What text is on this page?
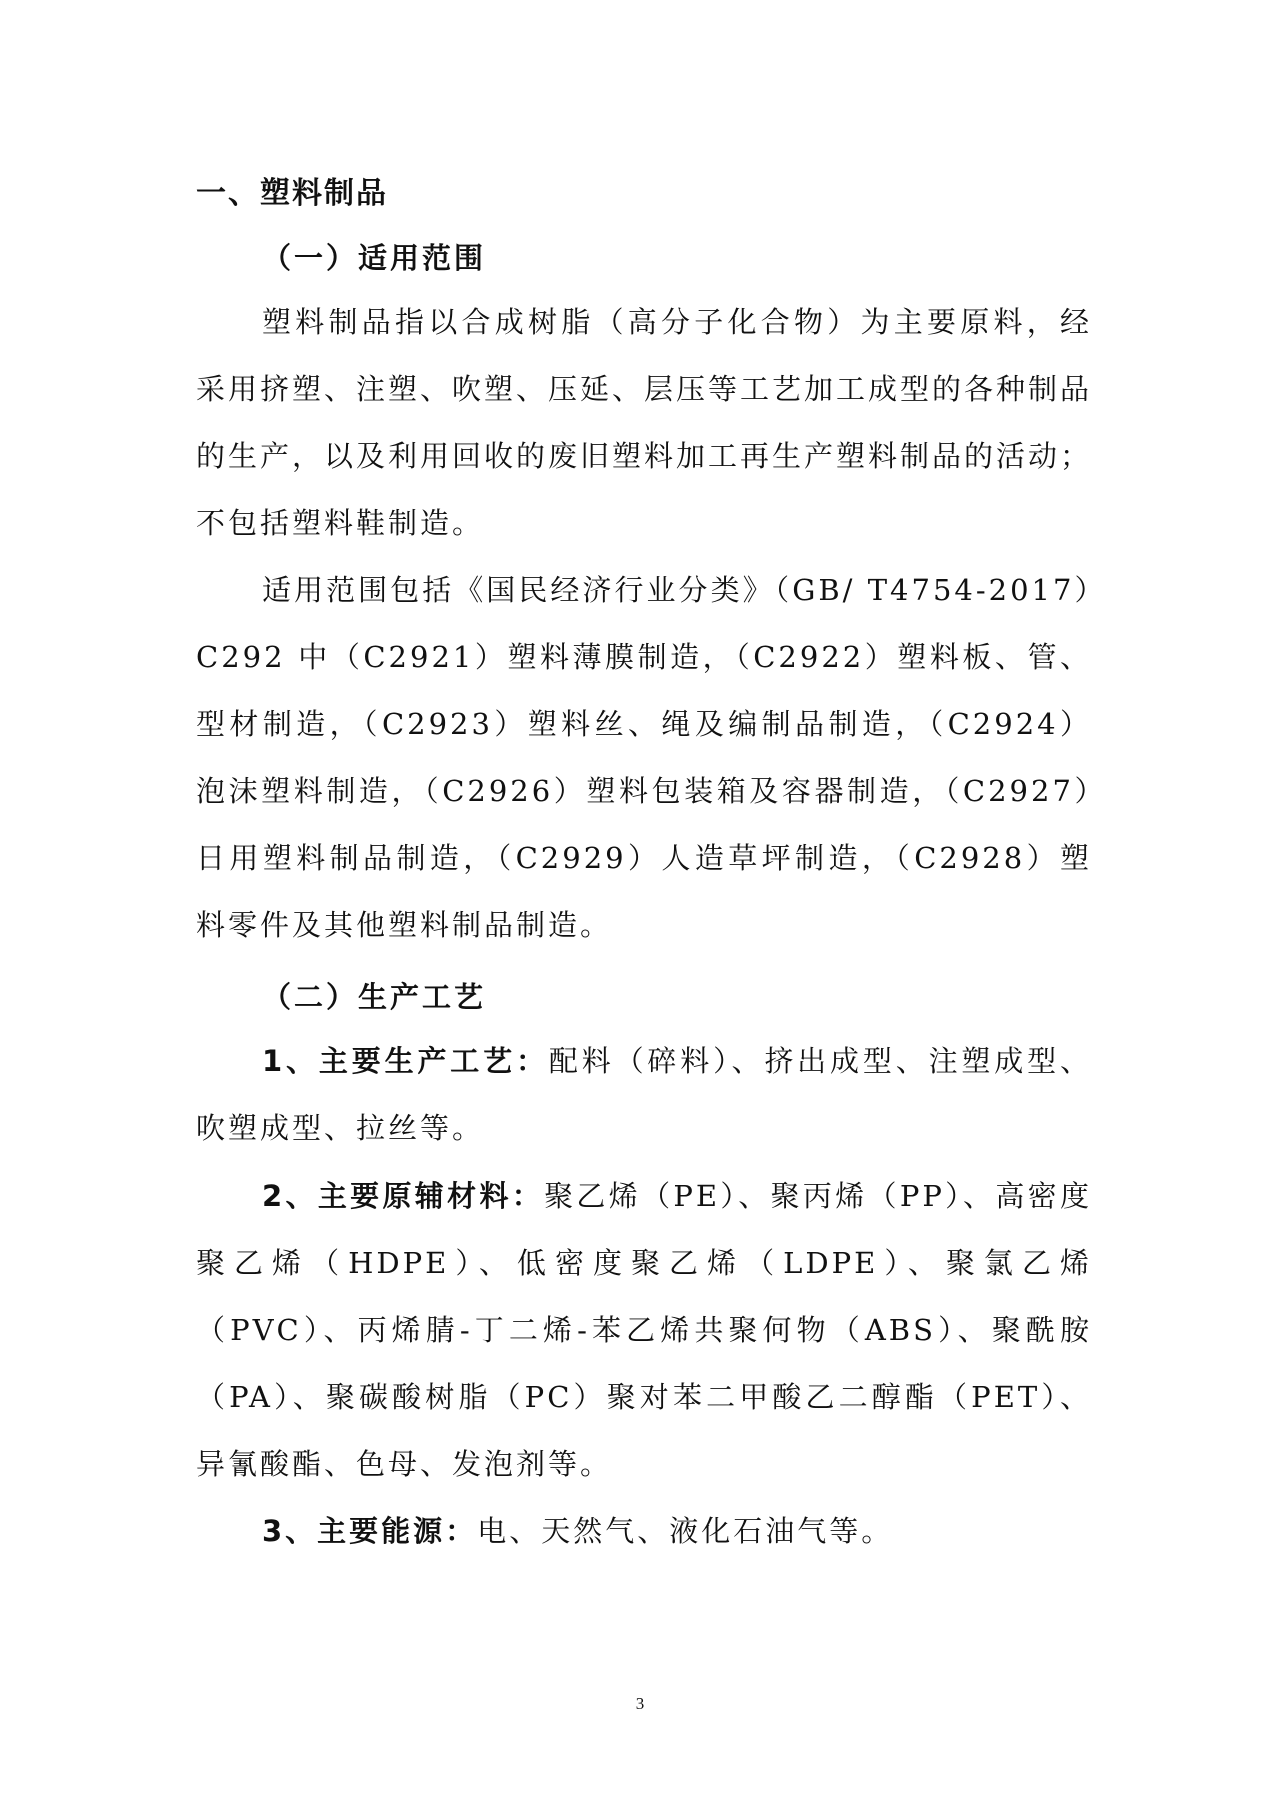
一、塑料制品
（一）适用范围
塑料制品指以合成树脂（高分子化合物）为主要原料，经采用挤塑、注塑、吹塑、压延、层压等工艺加工成型的各种制品的生产，以及利用回收的废旧塑料加工再生产塑料制品的活动；不包括塑料鞋制造。
适用范围包括《国民经济行业分类》（GB/ T4754-2017）C292 中（C2921）塑料薄膜制造，（C2922）塑料板、管、型材制造，（C2923）塑料丝、绳及编制品制造，（C2924）泡沫塑料制造，（C2926）塑料包装箱及容器制造，（C2927）日用塑料制品制造，（C2929）人造草坪制造，（C2928）塑料零件及其他塑料制品制造。
（二）生产工艺
1、主要生产工艺：配料（碎料）、挤出成型、注塑成型、吹塑成型、拉丝等。
2、主要原辅材料：聚乙烯（PE）、聚丙烯（PP）、高密度聚乙烯（HDPE）、低密度聚乙烯（LDPE）、聚氯乙烯（PVC）、丙烯腈-丁二烯-苯乙烯共聚何物（ABS）、聚酰胺（PA）、聚碳酸树脂（PC）聚对苯二甲酸乙二醇酯（PET）、异氰酸酯、色母、发泡剂等。
3、主要能源：电、天然气、液化石油气等。
3
